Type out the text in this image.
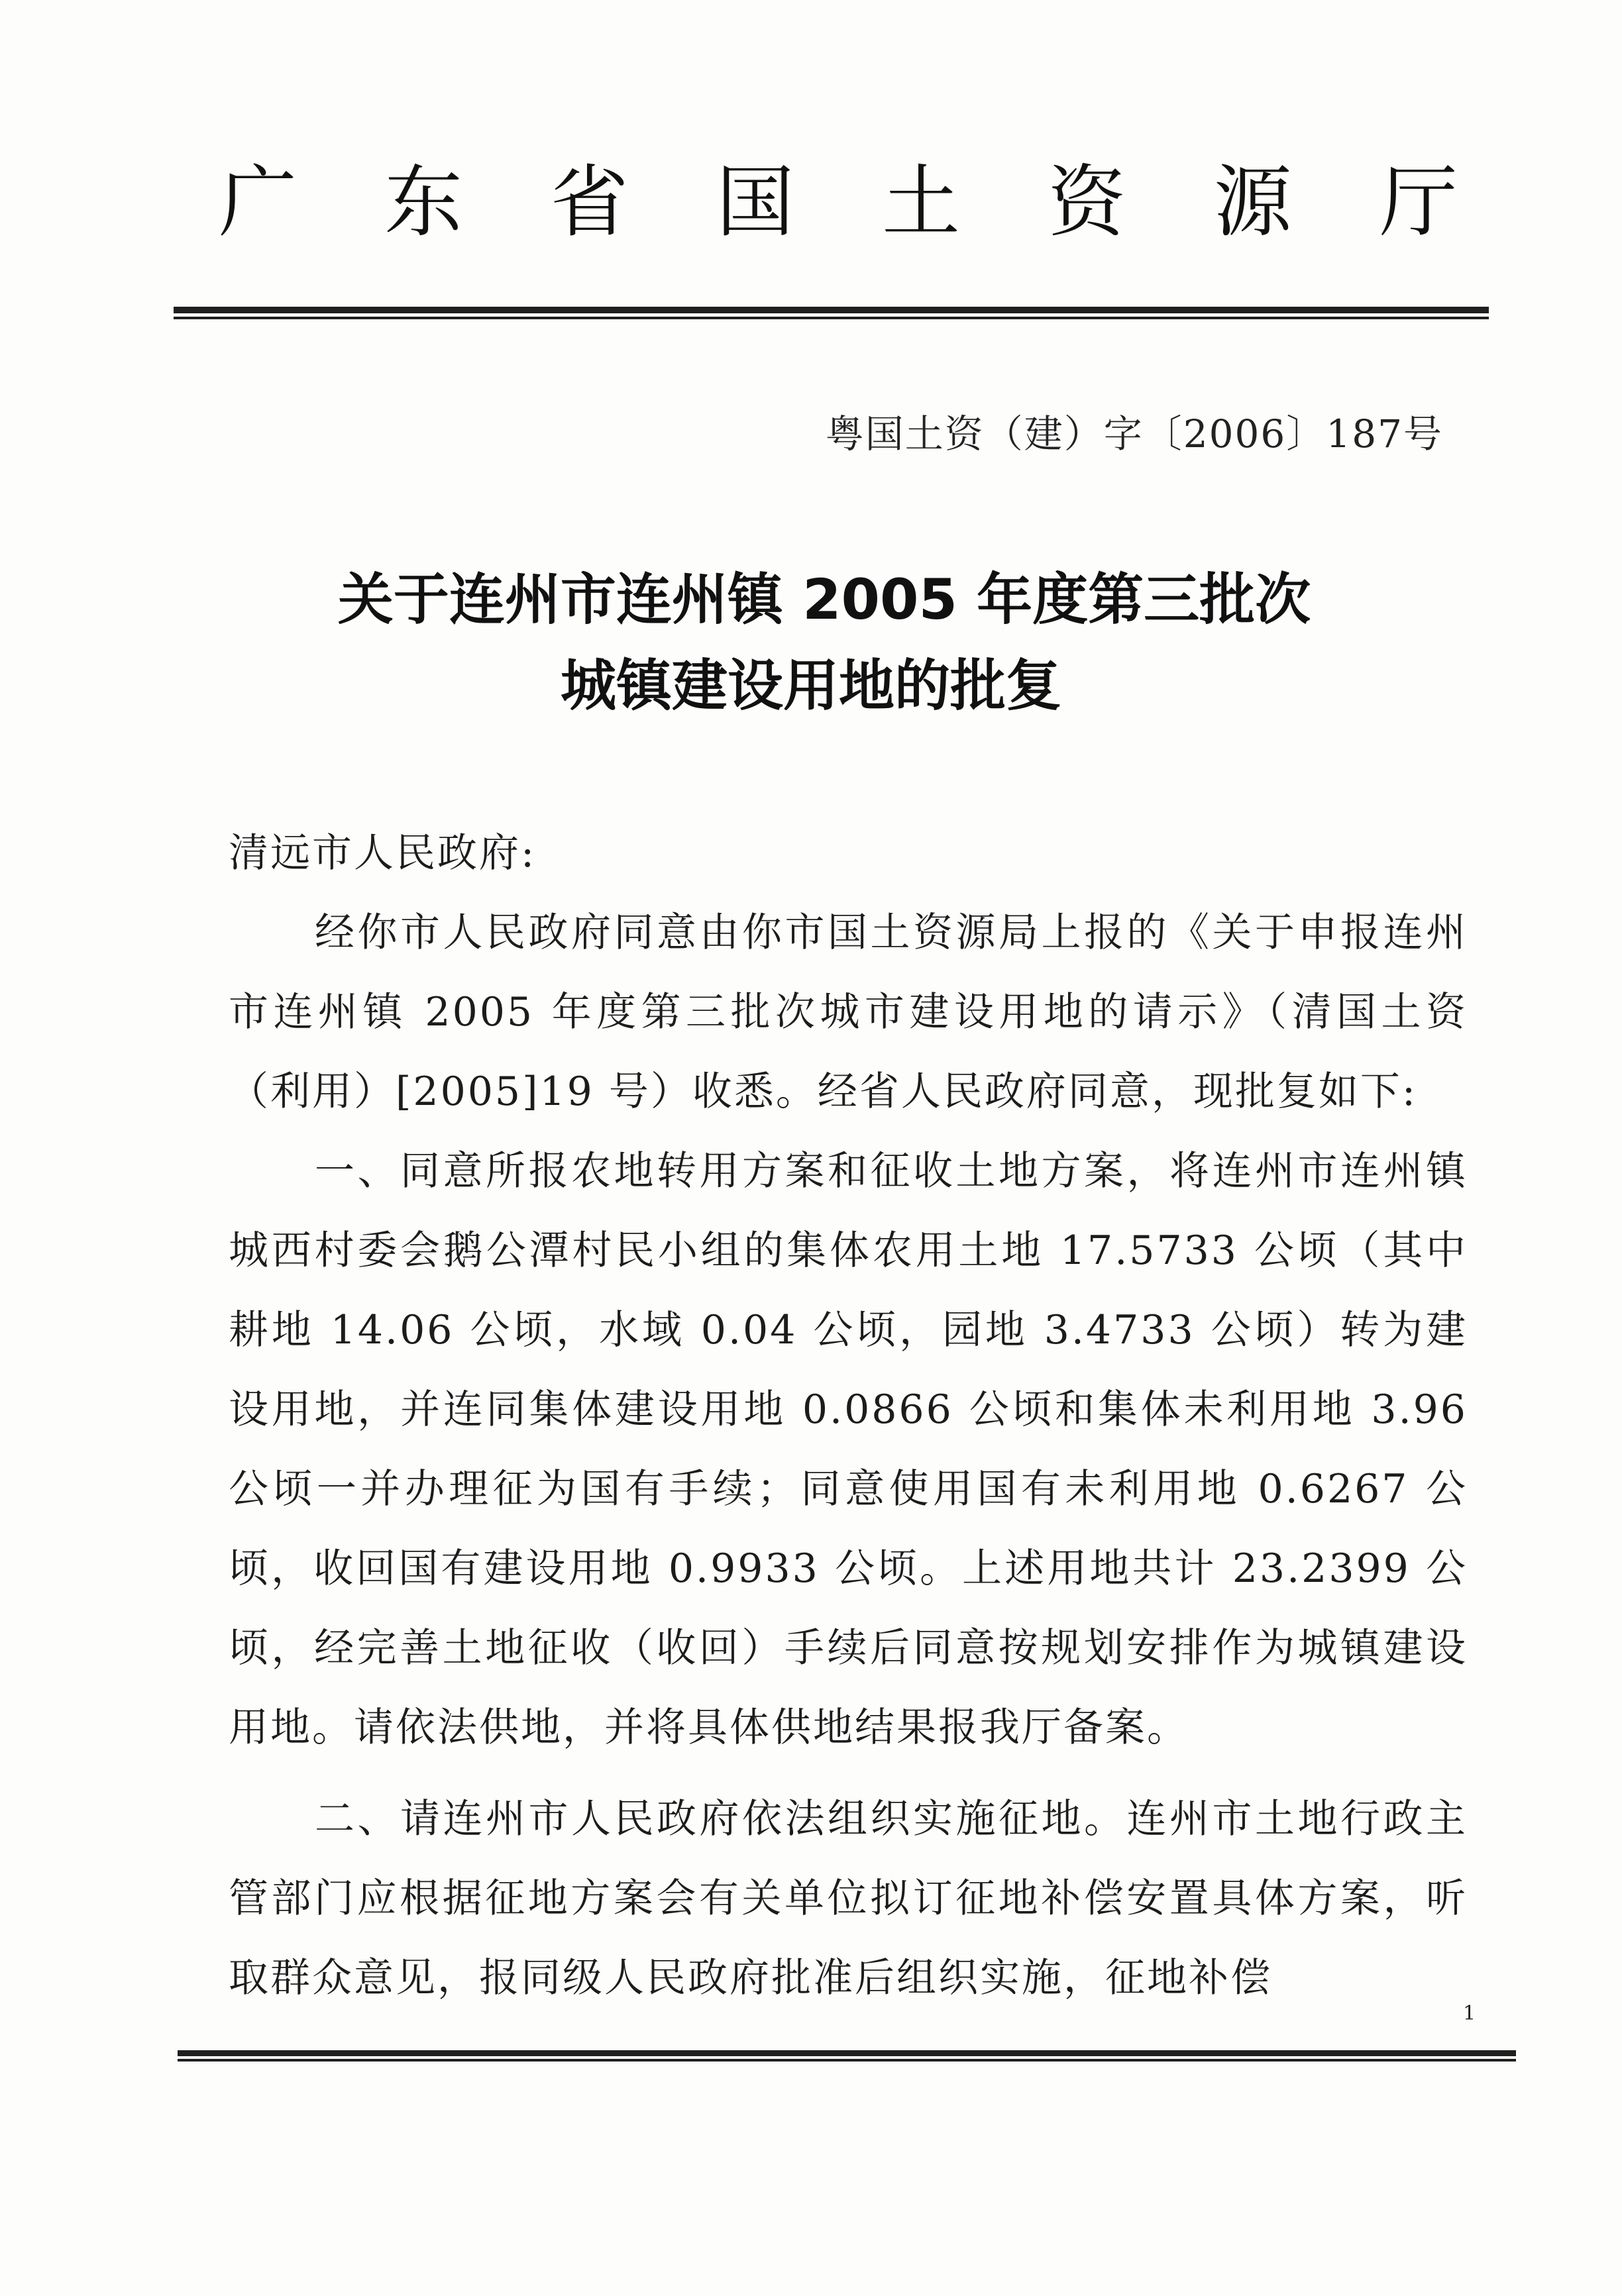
广 东 省 国 土 资 源 厅
粤国土资（建）字〔2006〕187号
关于连州市连州镇 2005 年度第三批次
城镇建设用地的批复
清远市人民政府:
经你市人民政府同意由你市国土资源局上报的《关于申报连州市连州镇 2005 年度第三批次城市建设用地的请示》（清国土资（利用）[2005]19 号）收悉。经省人民政府同意，现批复如下:
一、同意所报农地转用方案和征收土地方案，将连州市连州镇城西村委会鹅公潭村民小组的集体农用土地 17.5733 公顷（其中耕地 14.06 公顷，水域 0.04 公顷，园地 3.4733 公顷）转为建设用地，并连同集体建设用地 0.0866 公顷和集体未利用地 3.96 公顷一并办理征为国有手续；同意使用国有未利用地 0.6267 公顷，收回国有建设用地 0.9933 公顷。上述用地共计 23.2399 公顷，经完善土地征收（收回）手续后同意按规划安排作为城镇建设用地。请依法供地，并将具体供地结果报我厅备案。
二、请连州市人民政府依法组织实施征地。连州市土地行政主管部门应根据征地方案会有关单位拟订征地补偿安置具体方案，听取群众意见，报同级人民政府批准后组织实施，征地补偿
1
